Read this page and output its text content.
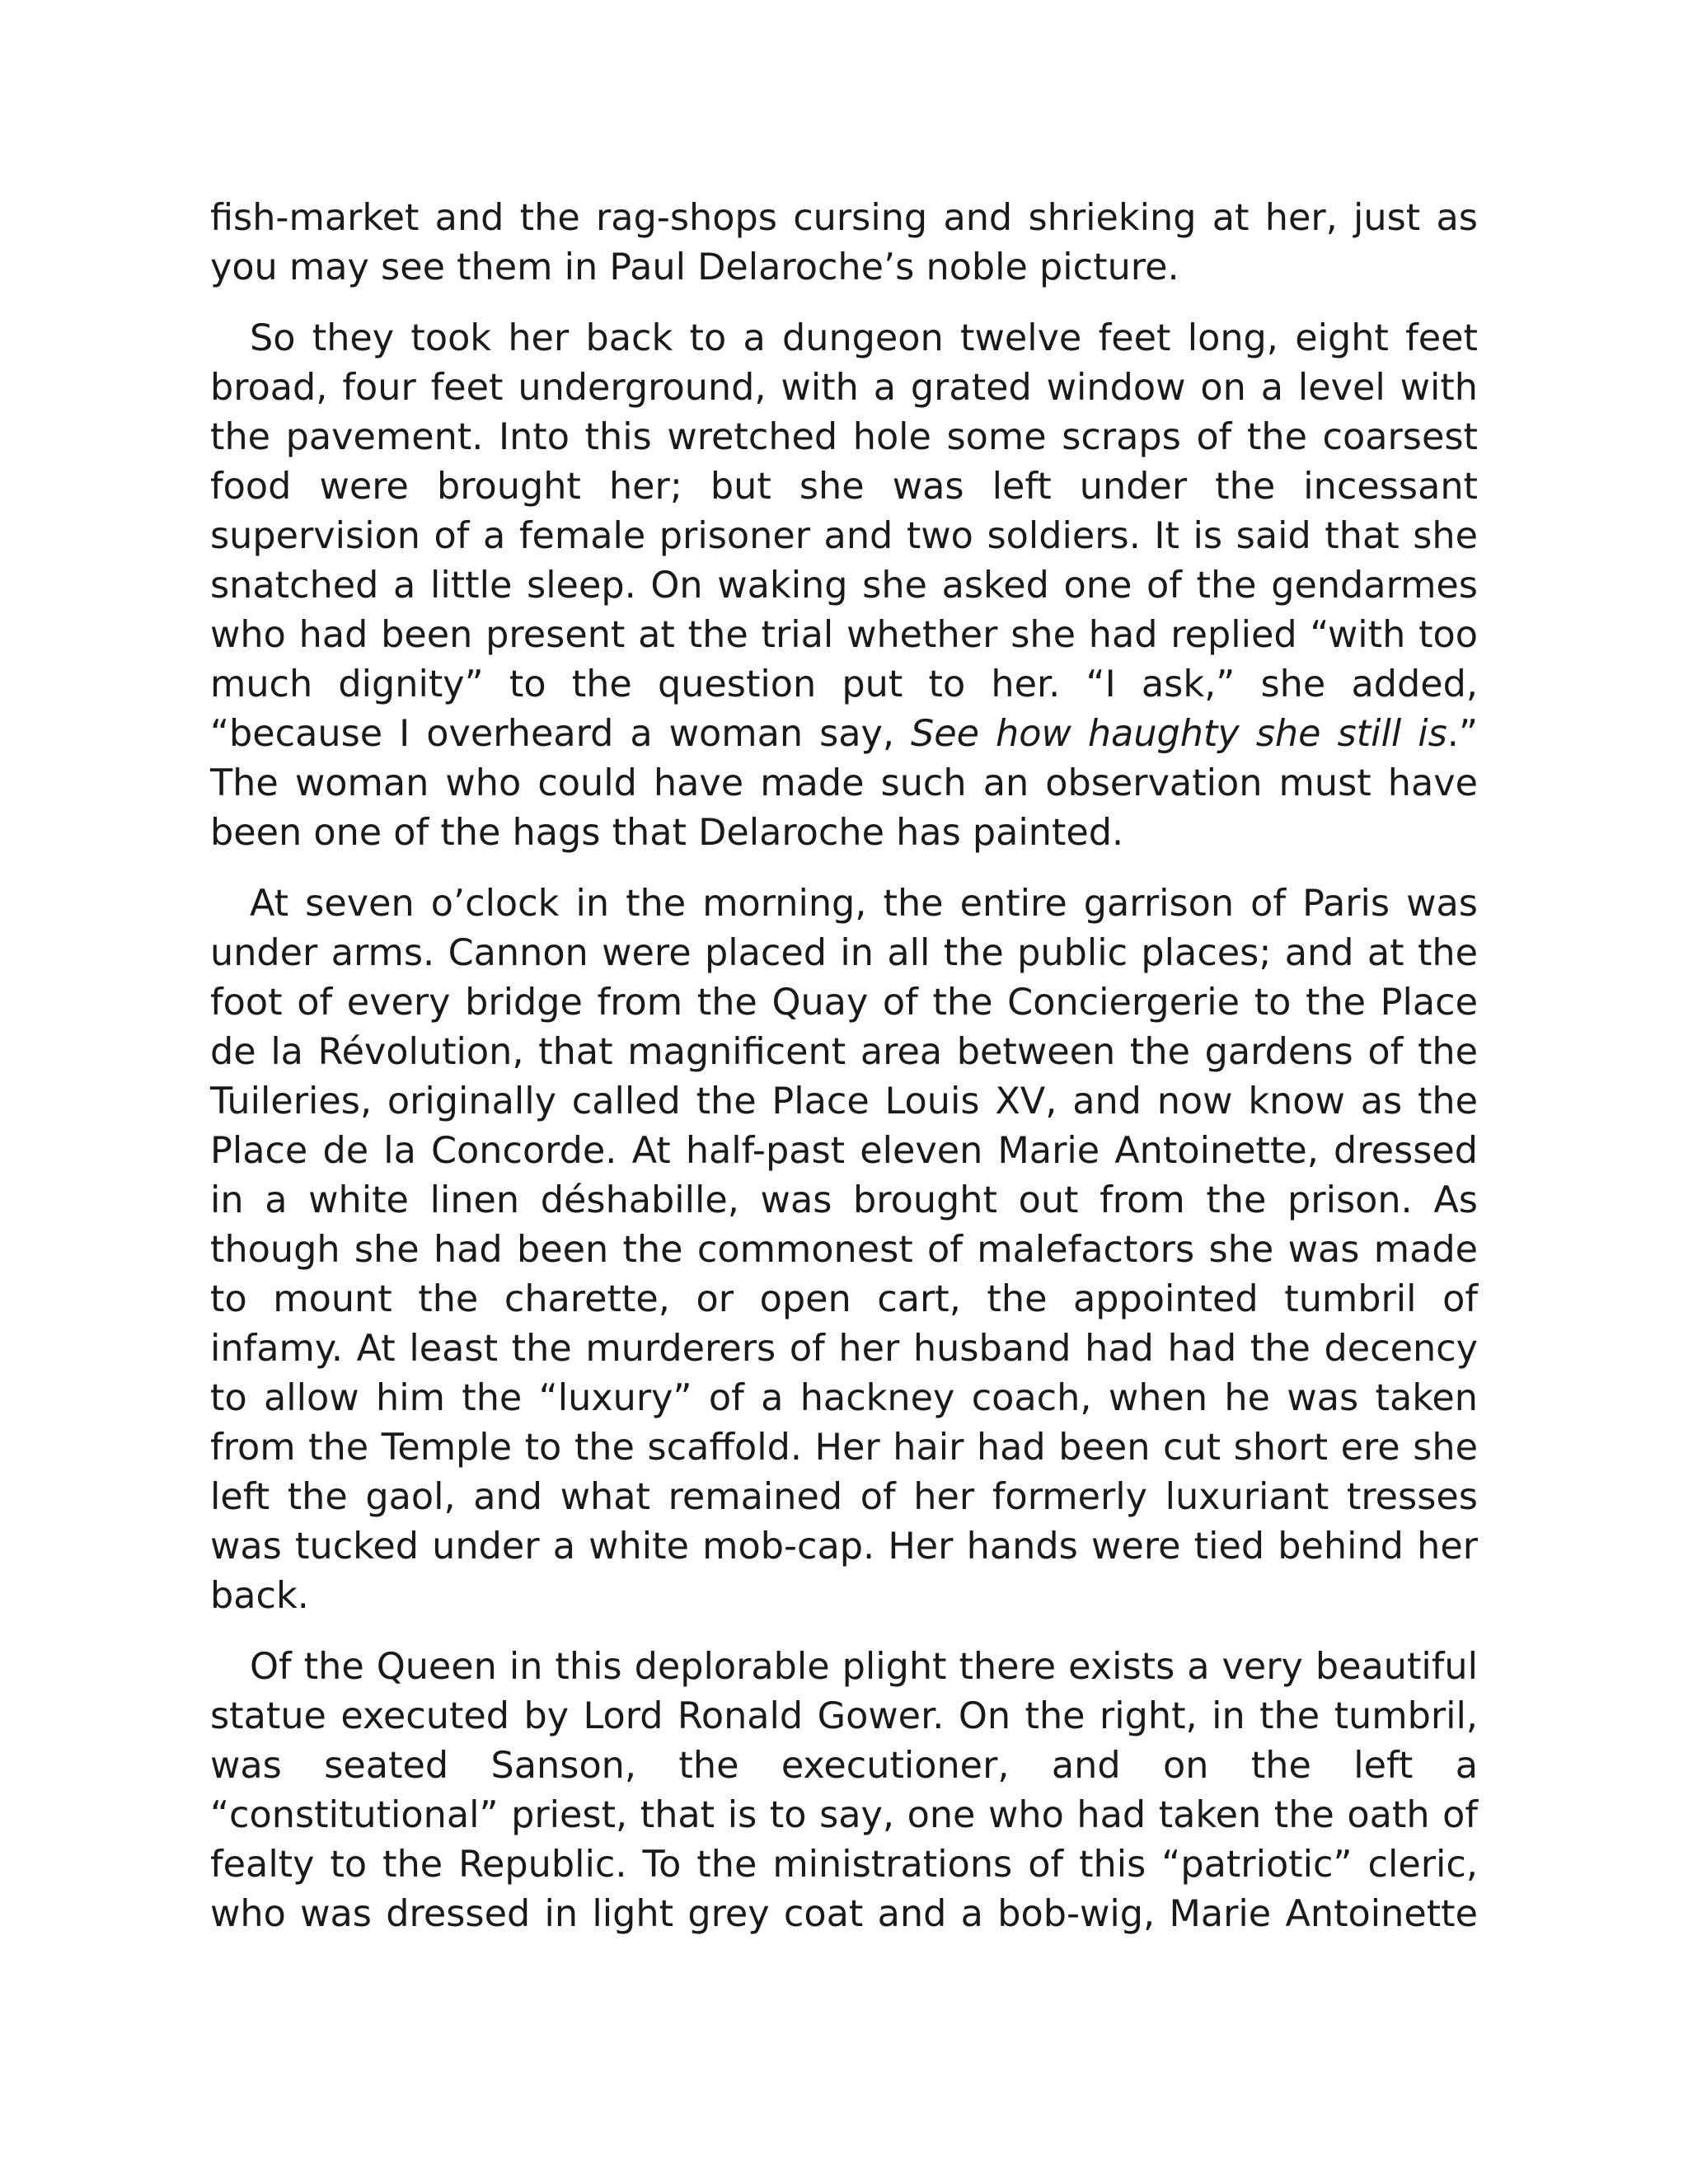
fish-market and the rag-shops cursing and shrieking at her, just as you may see them in Paul Delaroche’s noble picture.

So they took her back to a dungeon twelve feet long, eight feet broad, four feet underground, with a grated window on a level with the pavement. Into this wretched hole some scraps of the coarsest food were brought her; but she was left under the incessant supervision of a female prisoner and two soldiers. It is said that she snatched a little sleep. On waking she asked one of the gendarmes who had been present at the trial whether she had replied “with too much dignity” to the question put to her. “I ask,” she added, “because I overheard a woman say, See how haughty she still is.” The woman who could have made such an observation must have been one of the hags that Delaroche has painted.

At seven o’clock in the morning, the entire garrison of Paris was under arms. Cannon were placed in all the public places; and at the foot of every bridge from the Quay of the Conciergerie to the Place de la Révolution, that magnificent area between the gardens of the Tuileries, originally called the Place Louis XV, and now know as the Place de la Concorde. At half-past eleven Marie Antoinette, dressed in a white linen déshabille, was brought out from the prison. As though she had been the commonest of malefactors she was made to mount the charette, or open cart, the appointed tumbril of infamy. At least the murderers of her husband had had the decency to allow him the “luxury” of a hackney coach, when he was taken from the Temple to the scaffold. Her hair had been cut short ere she left the gaol, and what remained of her formerly luxuriant tresses was tucked under a white mob-cap. Her hands were tied behind her back.

Of the Queen in this deplorable plight there exists a very beautiful statue executed by Lord Ronald Gower. On the right, in the tumbril, was seated Sanson, the executioner, and on the left a “constitutional” priest, that is to say, one who had taken the oath of fealty to the Republic. To the ministrations of this “patriotic” cleric, who was dressed in light grey coat and a bob-wig, Marie Antoinette
